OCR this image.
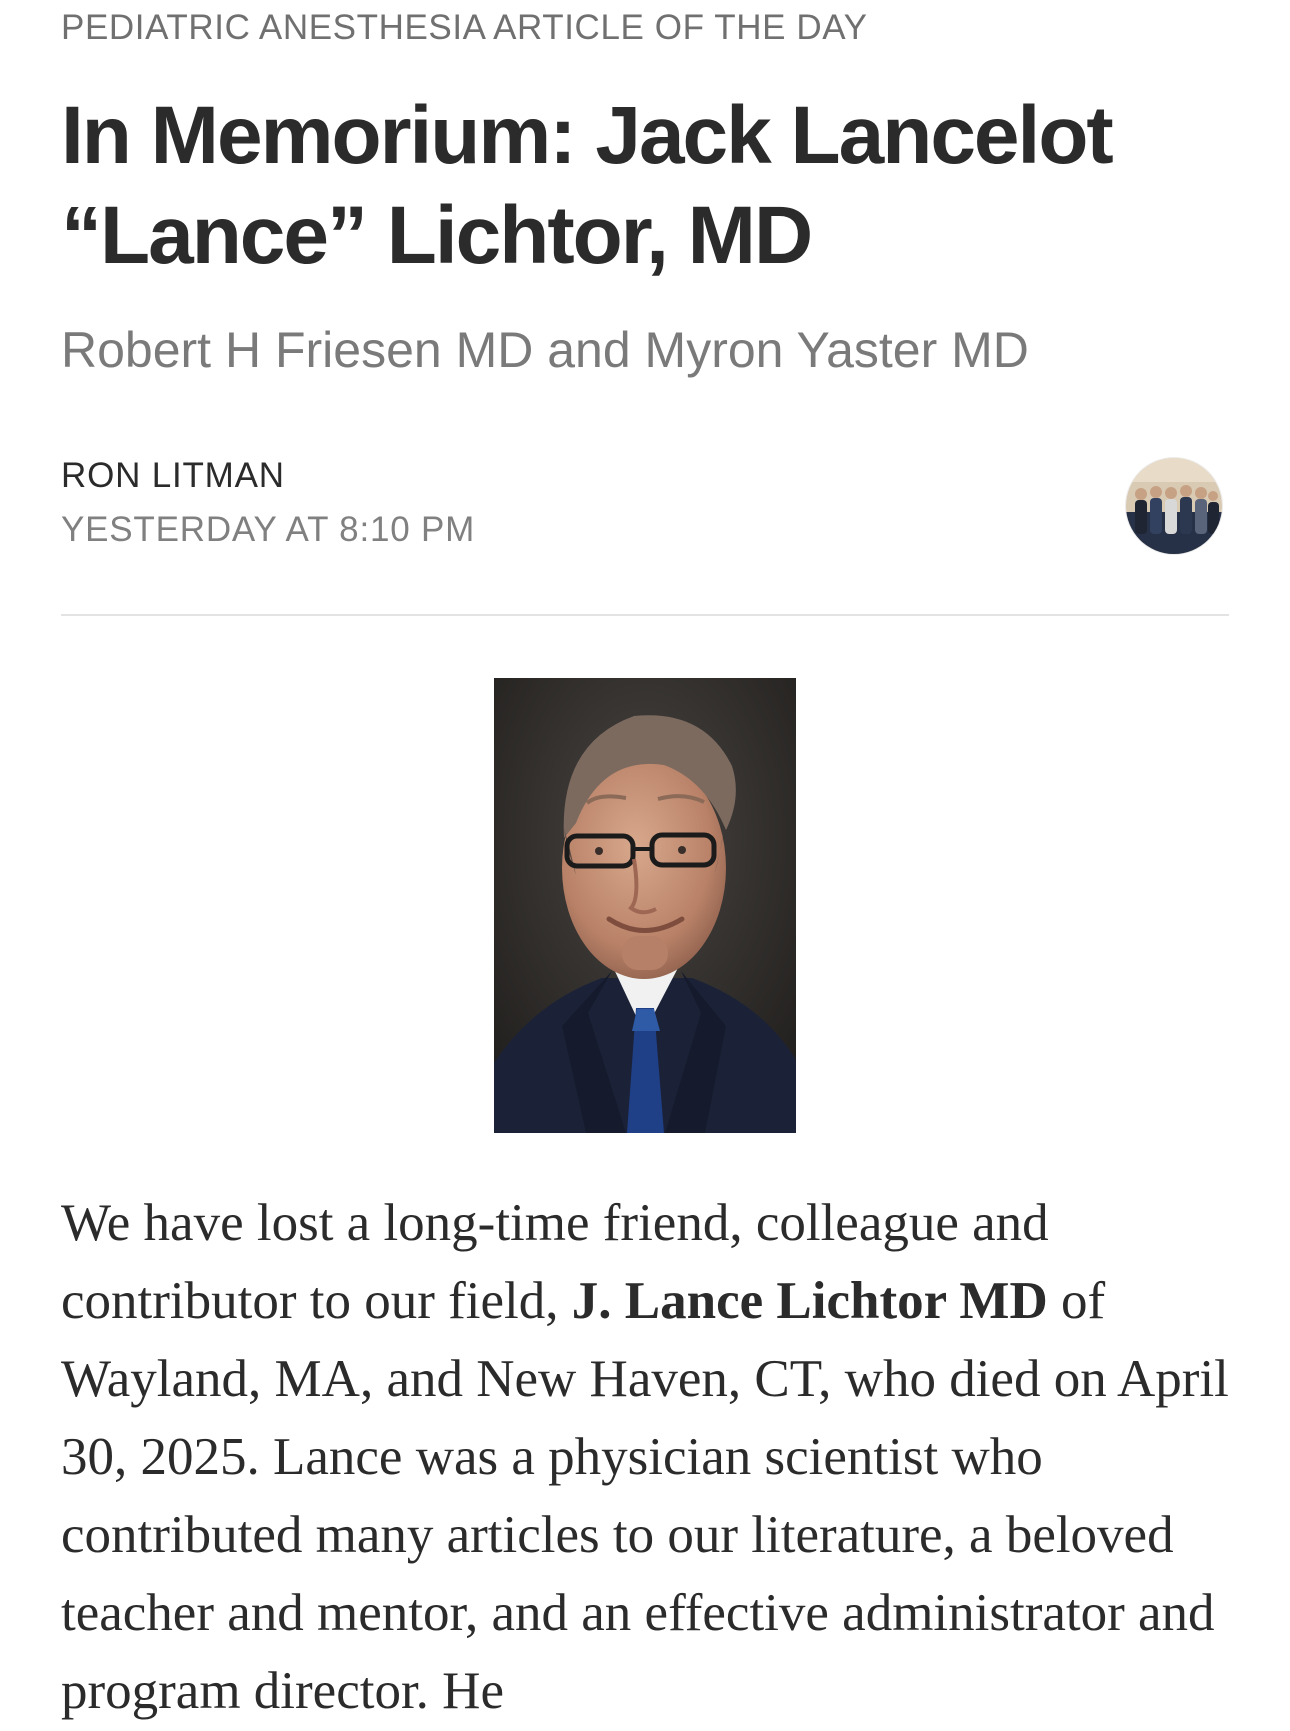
PEDIATRIC ANESTHESIA ARTICLE OF THE DAY
In Memorium: Jack Lancelot
“Lance” Lichtor, MD
Robert H Friesen MD and Myron Yaster MD
RON LITMAN
YESTERDAY AT 8:10 PM

We have lost a long-time friend, colleague and contributor to our field, J. Lance Lichtor MD of Wayland, MA, and New Haven, CT, who died on April 30, 2025. Lance was a physician scientist who contributed many articles to our literature, a beloved teacher and mentor, and an effective administrator and program director. He
